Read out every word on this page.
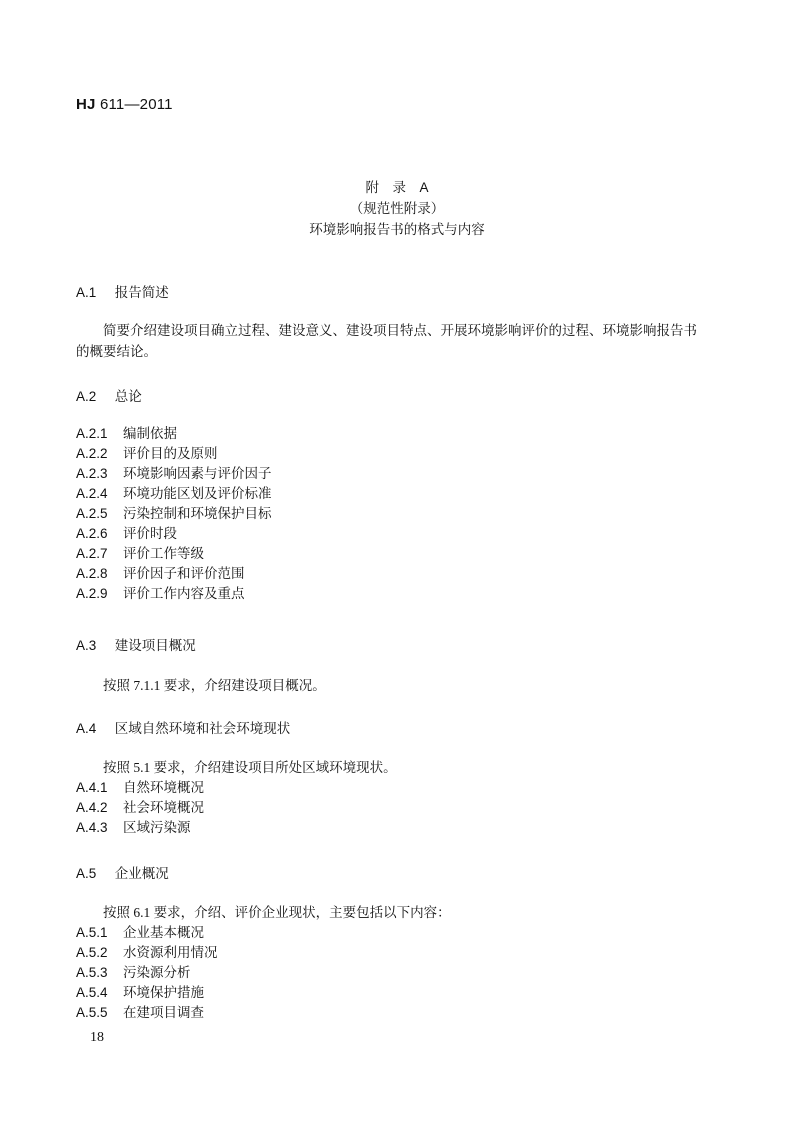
HJ 611—2011
附　录　A
（规范性附录）
环境影响报告书的格式与内容
A.1 报告简述
简要介绍建设项目确立过程、建设意义、建设项目特点、开展环境影响评价的过程、环境影响报告书的概要结论。
A.2 总论
A.2.1 编制依据
A.2.2 评价目的及原则
A.2.3 环境影响因素与评价因子
A.2.4 环境功能区划及评价标准
A.2.5 污染控制和环境保护目标
A.2.6 评价时段
A.2.7 评价工作等级
A.2.8 评价因子和评价范围
A.2.9 评价工作内容及重点
A.3 建设项目概况
按照 7.1.1 要求，介绍建设项目概况。
A.4 区域自然环境和社会环境现状
按照 5.1 要求，介绍建设项目所处区域环境现状。
A.4.1 自然环境概况
A.4.2 社会环境概况
A.4.3 区域污染源
A.5 企业概况
按照 6.1 要求，介绍、评价企业现状，主要包括以下内容：
A.5.1 企业基本概况
A.5.2 水资源利用情况
A.5.3 污染源分析
A.5.4 环境保护措施
A.5.5 在建项目调查
18
